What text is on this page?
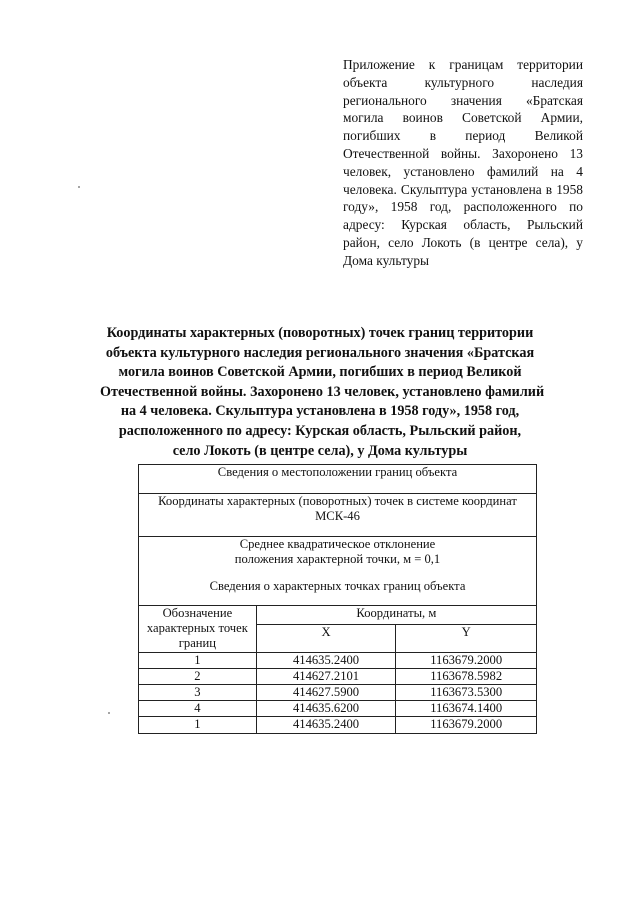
Приложение к границам территории объекта культурного наследия регионального значения «Братская могила воинов Советской Армии, погибших в период Великой Отечественной войны. Захоронено 13 человек, установлено фамилий на 4 человека. Скульптура установлена в 1958 году», 1958 год, расположенного по адресу: Курская область, Рыльский район, село Локоть (в центре села), у Дома культуры
Координаты характерных (поворотных) точек границ территории
объекта культурного наследия регионального значения «Братская
могила воинов Советской Армии, погибших в период Великой
Отечественной войны. Захоронено 13 человек, установлено фамилий
на 4 человека. Скульптура установлена в 1958 году», 1958 год,
расположенного по адресу: Курская область, Рыльский район,
село Локоть (в центре села), у Дома культуры
Сведения о местоположении границ объекта		

Координаты характерных (поворотных) точек в системе координат
МСК-46		

Среднее квадратическое отклонение
положения характерной точки, м = 0,1
Сведения о характерных точках границ объекта		

Обозначение
характерных точек
границ	Координаты, м	
	X	Y
1	414635.2400	1163679.2000
2	414627.2101	1163678.5982
3	414627.5900	1163673.5300
4	414635.6200	1163674.1400
1	414635.2400	1163679.2000
